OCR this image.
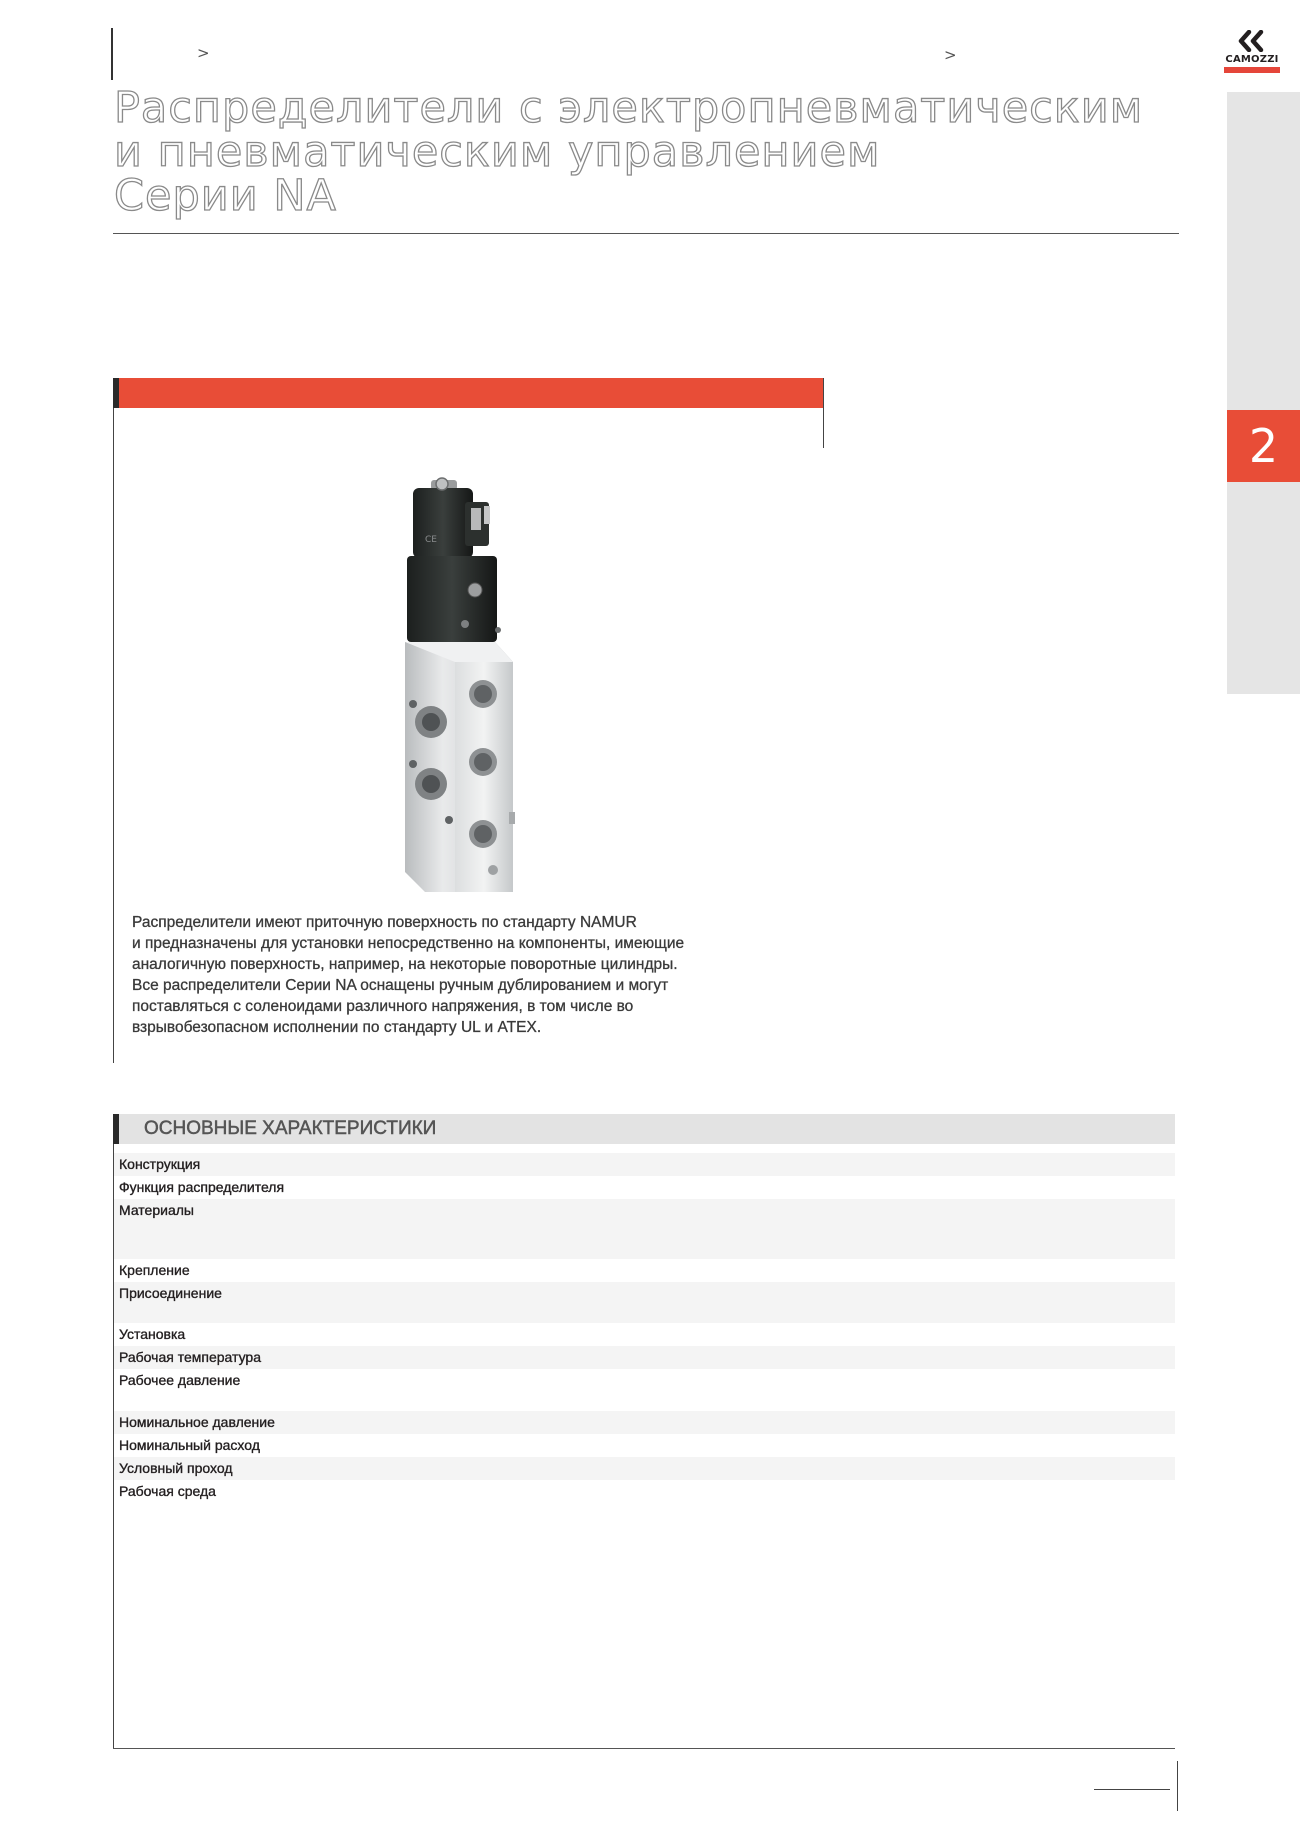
>	>
Распределители с электропневматическим
и пневматическим управлением
Серии NA
CAMOZZI
2
CE
Распределители имеют приточную поверхность по стандарту NAMUR
и предназначены для установки непосредственно на компоненты, имеющие
аналогичную поверхность, например, на некоторые поворотные цилиндры.
Все распределители Серии NA оснащены ручным дублированием и могут
поставляться с соленоидами различного напряжения, в том числе во
взрывобезопасном исполнении по стандарту UL и ATEX.
ОСНОВНЫЕ ХАРАКТЕРИСТИКИ
Конструкция
Функция распределителя
Материалы
Крепление
Присоединение
Установка
Рабочая температура
Рабочее давление
Номинальное давление
Номинальный расход
Условный проход
Рабочая среда
